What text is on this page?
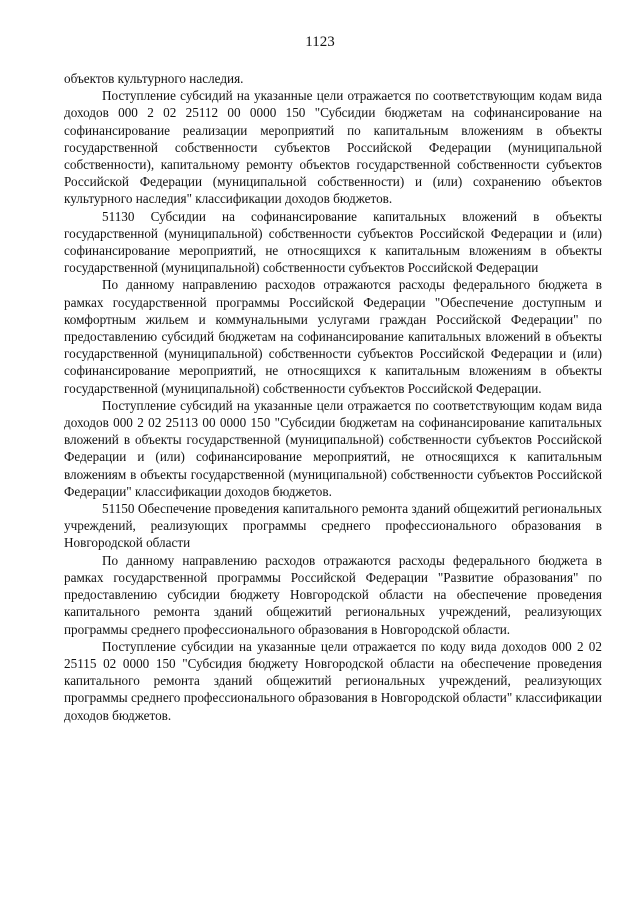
1123

объектов культурного наследия.

Поступление субсидий на указанные цели отражается по соответствующим кодам вида доходов 000 2 02 25112 00 0000 150 "Субсидии бюджетам на софинансирование на софинансирование реализации мероприятий по капитальным вложениям в объекты государственной собственности субъектов Российской Федерации (муниципальной собственности), капитальному ремонту объектов государственной собственности субъектов Российской Федерации (муниципальной собственности) и (или) сохранению объектов культурного наследия" классификации доходов бюджетов.

51130 Субсидии на софинансирование капитальных вложений в объекты государственной (муниципальной) собственности субъектов Российской Федерации и (или) софинансирование мероприятий, не относящихся к капитальным вложениям в объекты государственной (муниципальной) собственности субъектов Российской Федерации

По данному направлению расходов отражаются расходы федерального бюджета в рамках государственной программы Российской Федерации "Обеспечение доступным и комфортным жильем и коммунальными услугами граждан Российской Федерации" по предоставлению субсидий бюджетам на софинансирование капитальных вложений в объекты государственной (муниципальной) собственности субъектов Российской Федерации и (или) софинансирование мероприятий, не относящихся к капитальным вложениям в объекты государственной (муниципальной) собственности субъектов Российской Федерации.

Поступление субсидий на указанные цели отражается по соответствующим кодам вида доходов 000 2 02 25113 00 0000 150 "Субсидии бюджетам на софинансирование капитальных вложений в объекты государственной (муниципальной) собственности субъектов Российской Федерации и (или) софинансирование мероприятий, не относящихся к капитальным вложениям в объекты государственной (муниципальной) собственности субъектов Российской Федерации" классификации доходов бюджетов.

51150 Обеспечение проведения капитального ремонта зданий общежитий региональных учреждений, реализующих программы среднего профессионального образования в Новгородской области

По данному направлению расходов отражаются расходы федерального бюджета в рамках государственной программы Российской Федерации "Развитие образования" по предоставлению субсидии бюджету Новгородской области на обеспечение проведения капитального ремонта зданий общежитий региональных учреждений, реализующих программы среднего профессионального образования в Новгородской области.

Поступление субсидии на указанные цели отражается по коду вида доходов 000 2 02 25115 02 0000 150 "Субсидия бюджету Новгородской области на обеспечение проведения капитального ремонта зданий общежитий региональных учреждений, реализующих программы среднего профессионального образования в Новгородской области" классификации доходов бюджетов.
